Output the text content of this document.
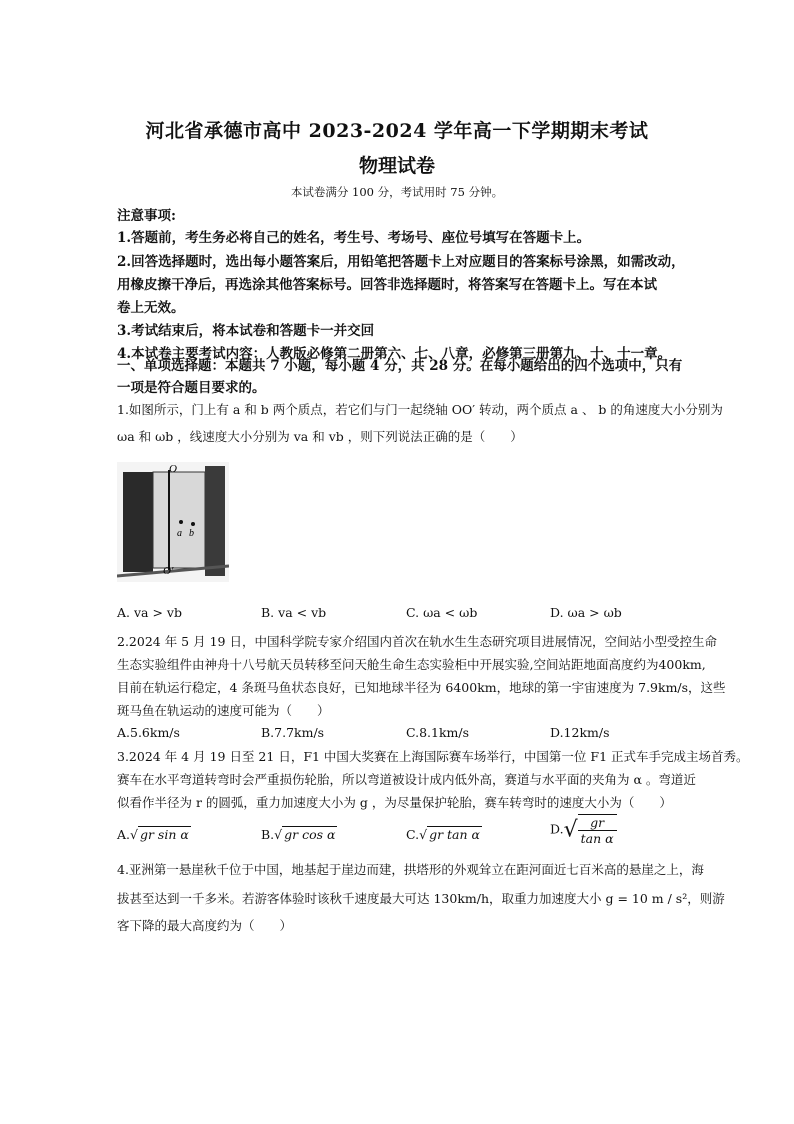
河北省承德市高中 2023-2024 学年高一下学期期末考试
物理试卷
本试卷满分 100 分，考试用时 75 分钟。
注意事项:
1.答题前，考生务必将自己的姓名，考生号、考场号、座位号填写在答题卡上。
2.回答选择题时，选出每小题答案后，用铅笔把答题卡上对应题目的答案标号涂黑，如需改动，
用橡皮擦干净后，再选涂其他答案标号。回答非选择题时，将答案写在答题卡上。写在本试
卷上无效。
3.考试结束后，将本试卷和答题卡一并交回
4.本试卷主要考试内容：人教版必修第二册第六、七、八章，必修第三册第九、十、十一章。
一、单项选择题：本题共 7 小题，每小题 4 分，共 28 分。在每小题给出的四个选项中，只有
一项是符合题目要求的。
1.如图所示，门上有 a 和 b 两个质点，若它们与门一起绕轴 OO′ 转动，两个质点 a 、 b 的角速度大小分别为
ωa 和 ωb ，线速度大小分别为 va 和 vb ，则下列说法正确的是（　　）
O
a b
O′
A. va > vb	B. va < vb	C. ωa < ωb	D. ωa > ωb
2.2024 年 5 月 19 日，中国科学院专家介绍国内首次在轨水生生态研究项目进展情况，空间站小型受控生命
生态实验组件由神舟十八号航天员转移至问天舱生命生态实验柜中开展实验,空间站距地面高度约为400km,
目前在轨运行稳定，4 条斑马鱼状态良好，已知地球半径为 6400km，地球的第一宇宙速度为 7.9km/s，这些
斑马鱼在轨运动的速度可能为（　　）
A.5.6km/s	B.7.7km/s	C.8.1km/s	D.12km/s
3.2024 年 4 月 19 日至 21 日，F1 中国大奖赛在上海国际赛车场举行，中国第一位 F1 正式车手完成主场首秀。
赛车在水平弯道转弯时会严重损伤轮胎，所以弯道被设计成内低外高，赛道与水平面的夹角为 α 。弯道近
似看作半径为 r 的圆弧，重力加速度大小为 g ，为尽量保护轮胎，赛车转弯时的速度大小为（　　）
A.√ gr sin α	B.√ gr cos α	C.√ gr tan α	$D.√ \frac{gr}{\text{tan α}}$
4.亚洲第一悬崖秋千位于中国，地基起于崖边而建，拱塔形的外观耸立在距河面近七百米高的悬崖之上，海
拔甚至达到一千多米。若游客体验时该秋千速度最大可达 130km/h，取重力加速度大小 g = 10 m / s²，则游
客下降的最大高度约为（　　）
